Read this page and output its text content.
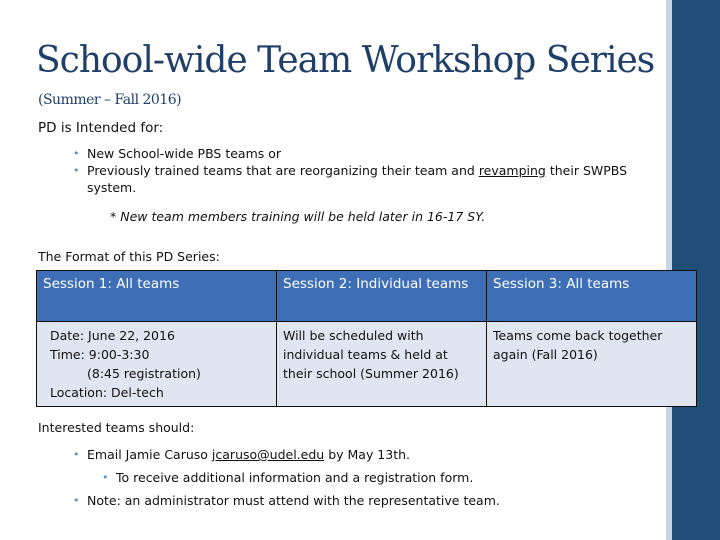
School-wide Team Workshop Series
(Summer – Fall 2016)
PD is Intended for:
• New School-wide PBS teams or
• Previously trained teams that are reorganizing their team and revamping their SWPBS system.
* New team members training will be held later in 16-17 SY.
The Format of this PD Series:
Session 1: All teams	Session 2: Individual teams	Session 3: All teams

Date: June 22, 2016
Time: 9:00-3:30
(8:45 registration)
Location: Del-tech	Will be scheduled with individual teams & held at their school (Summer 2016)	Teams come back together again (Fall 2016)
Interested teams should:
• Email Jamie Caruso jcaruso@udel.edu by May 13th.
• To receive additional information and a registration form.
• Note: an administrator must attend with the representative team.
